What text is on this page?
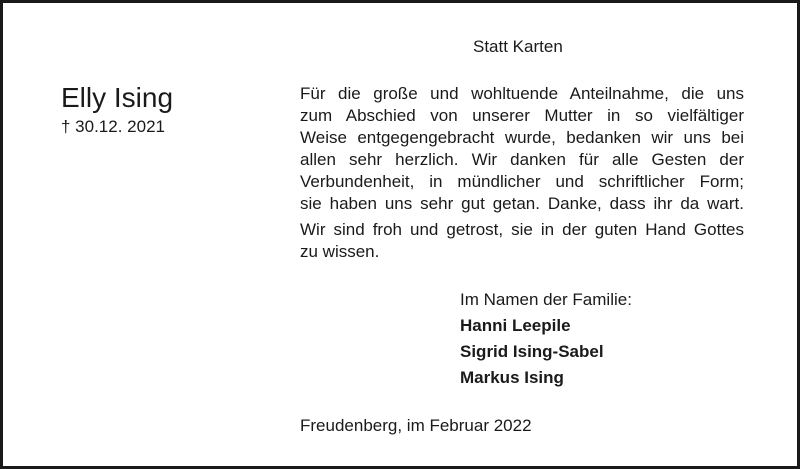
Statt Karten
Elly Ising
† 30.12. 2021
Für die große und wohltuende Anteilnahme, die uns
zum Abschied von unserer Mutter in so vielfältiger
Weise entgegengebracht wurde, bedanken wir uns bei
allen sehr herzlich. Wir danken für alle Gesten der
Verbundenheit, in mündlicher und schriftlicher Form;
sie haben uns sehr gut getan. Danke, dass ihr da wart.
Wir sind froh und getrost, sie in der guten Hand Gottes
zu wissen.
Im Namen der Familie:
Hanni Leepile
Sigrid Ising-Sabel
Markus Ising
Freudenberg, im Februar 2022
